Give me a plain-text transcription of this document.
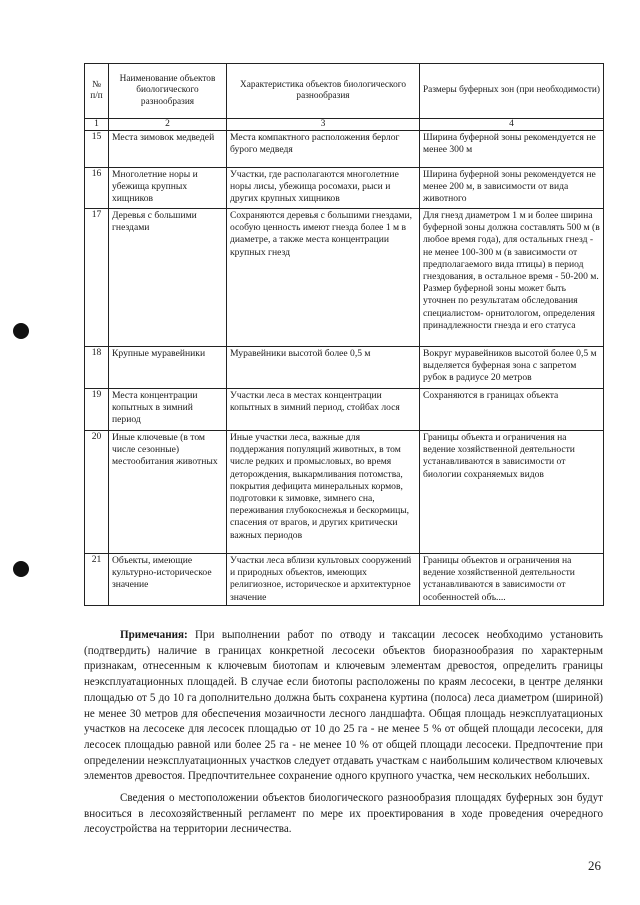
№ п/п	Наименование объектов биологического разнообразия	Характеристика объектов биологического разнообразия	Размеры буферных зон (при необходимости)
1	2	3	4
15	Места зимовок медведей	Места компактного расположения берлог бурого медведя	Ширина буферной зоны рекомендуется не менее 300 м
16	Многолетние норы и убежища крупных хищников	Участки, где располагаются многолетние норы лисы, убежища росомахи, рыси и других крупных хищников	Ширина буферной зоны рекомендуется не менее 200 м, в зависимости от вида животного
17	Деревья с большими гнездами	Сохраняются деревья с большими гнездами, особую ценность имеют гнезда более 1 м в диаметре, а также места концентрации крупных гнезд	Для гнезд диаметром 1 м и более ширина буферной зоны должна составлять 500 м (в любое время года), для остальных гнезд - не менее 100-300 м (в зависимости от предполагаемого вида птицы) в период гнездования, в остальное время - 50-200 м. Размер буферной зоны может быть уточнен по результатам обследования специалистом- орнитологом, определения принадлежности гнезда и его статуса
18	Крупные муравейники	Муравейники высотой более 0,5 м	Вокруг муравейников высотой более 0,5 м выделяется буферная зона с запретом рубок в радиусе 20 метров
19	Места концентрации копытных в зимний период	Участки леса в местах концентрации копытных в зимний период, стойбах лося	Сохраняются в границах объекта
20	Иные ключевые (в том числе сезонные) местообитания животных	Иные участки леса, важные для поддержания популяций животных, в том числе редких и промысловых, во время деторождения, выкармливания потомства, покрытия дефицита минеральных кормов, подготовки к зимовке, зимнего сна, переживания глубокоснежья и бескормицы, спасения от врагов, и других критически важных периодов	Границы объекта и ограничения на ведение хозяйственной деятельности устанавливаются в зависимости от биологии сохраняемых видов
21	Объекты, имеющие культурно-историческое значение	Участки леса вблизи культовых сооружений и природных объектов, имеющих религиозное, историческое и архитектурное значение	Границы объектов и ограничения на ведение хозяйственной деятельности устанавливаются в зависимости от особенностей объ....

Примечания: При выполнении работ по отводу и таксации лесосек необходимо установить (подтвердить) наличие в границах конкретной лесосеки объектов биоразнообразия по характерным признакам, отнесенным к ключевым биотопам и ключевым элементам древостоя, определить границы неэксплуатационных площадей. В случае если биотопы расположены по краям лесосеки, в центре делянки площадью от 5 до 10 га дополнительно должна быть сохранена куртина (полоса) леса диаметром (шириной) не менее 30 метров для обеспечения мозаичности лесного ландшафта. Общая площадь неэксплуатационых участков на лесосеке для лесосек площадью от 10 до 25 га - не менее 5 % от общей площади лесосеки, для лесосек площадью равной или более 25 га - не менее 10 % от общей площади лесосеки. Предпочтение при определении неэксплуатационных участков следует отдавать участкам с наибольшим количеством ключевых элементов древостоя. Предпочтительнее сохранение одного крупного участка, чем нескольких небольших.

Сведения о местоположении объектов биологического разнообразия площадях буферных зон будут вноситься в лесохозяйственный регламент по мере их проектирования в ходе проведения очередного лесоустройства на территории лесничества.

26
